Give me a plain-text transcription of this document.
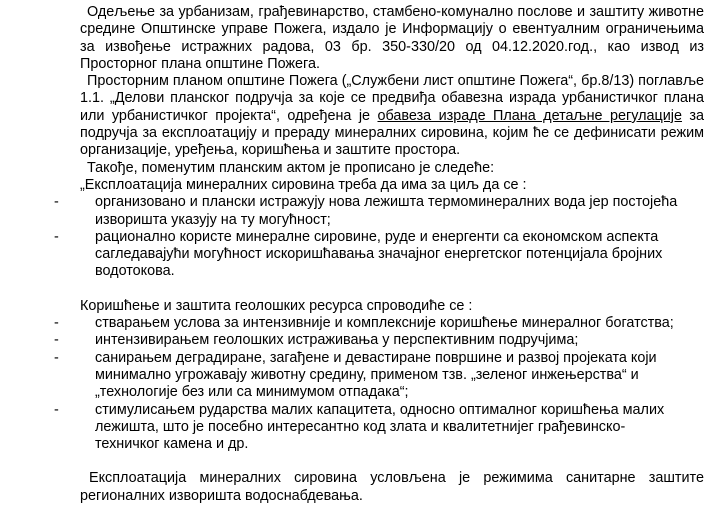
Одељење за урбанизам, грађевинарство, стамбено-комунално послове и заштиту животне средине Општинске управе Пожега, издало је Информацију о евентуалним ограничењима за извођење истражних радова, 03 бр. 350-330/20 од 04.12.2020.год., као извод из Просторног плана општине Пожега.

Просторним планом општине Пожега („Службени лист општине Пожега“, бр.8/13) поглавље 1.1. „Делови планског подручја за које се предвиђа обавезна израда урбанистичког плана или урбанистичког пројекта“, одређена је обавеза израде Плана детаљне регулације за подручја за експлоатацију и прераду минералних сировина, којим ће се дефинисати режим организације, уређења, коришћења и заштите простора.

Такође, поменутим планским актом је прописано је следеће:

„Експлоатација минералних сировина треба да има за циљ да се :

-	организовано и плански истражују нова лежишта термоминералних вода јер постојећа
изворишта указују на ту могућност;
-	рационално користе минералне сировине, руде и енергенти са економском аспекта
сагледавајући могућност искоришћавања значајног енергетског потенцијала бројних
водотокова.

Коришћење и заштита геолошких ресурса спроводиће се :

-	стварањем услова за интензивније и комплексније коришћење минералног богатства;
-	интензивирањем геолошких истраживања у перспективним подручјима;
-	санирањем деградиране, загађене и девастиране површине и развој пројеката који
минимално угрожавају животну средину, применом тзв. „зеленог инжењерства“ и
„технологије без или са минимумом отпадака“;
-	стимулисањем рударства малих капацитета, односно оптималног коришћења малих
лежишта, што је посебно интересантно код злата и квалитетнијег грађевинско-
техничког камена и др.

Експлоатација минералних сировина условљена је режимима санитарне заштите регионалних изворишта водоснабдевања.
